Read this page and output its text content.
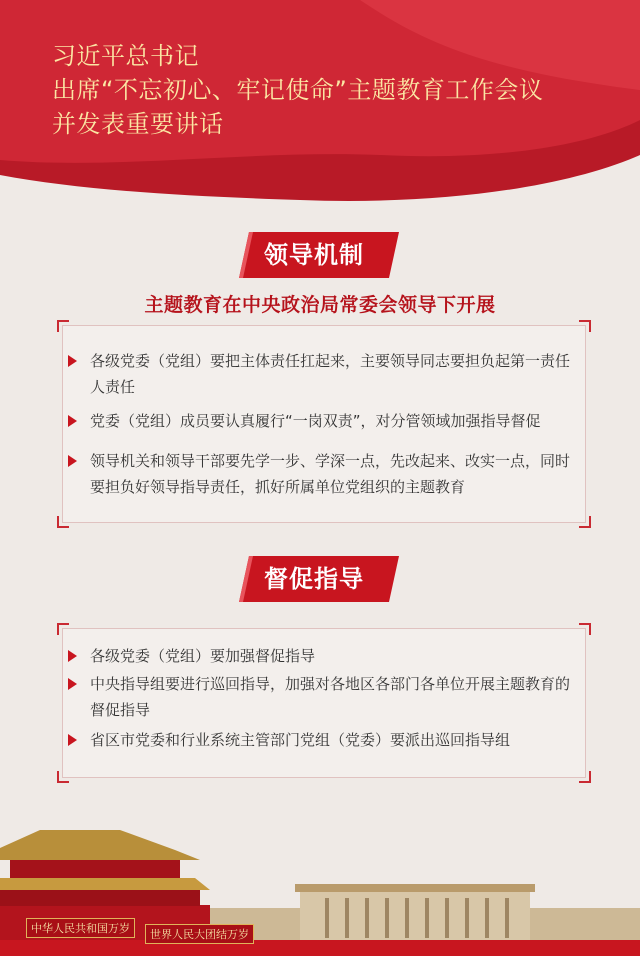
习近平总书记
出席“不忘初心、牢记使命”主题教育工作会议
并发表重要讲话
领导机制
主题教育在中央政治局常委会领导下开展
各级党委（党组）要把主体责任扛起来，主要领导同志要担负起第一责任人责任
党委（党组）成员要认真履行“一岗双责”，对分管领域加强指导督促
领导机关和领导干部要先学一步、学深一点，先改起来、改实一点，同时要担负好领导指导责任，抓好所属单位党组织的主题教育
督促指导
各级党委（党组）要加强督促指导
中央指导组要进行巡回指导，加强对各地区各部门各单位开展主题教育的督促指导
省区市党委和行业系统主管部门党组（党委）要派出巡回指导组
中华人民共和国万岁	世界人民大团结万岁
